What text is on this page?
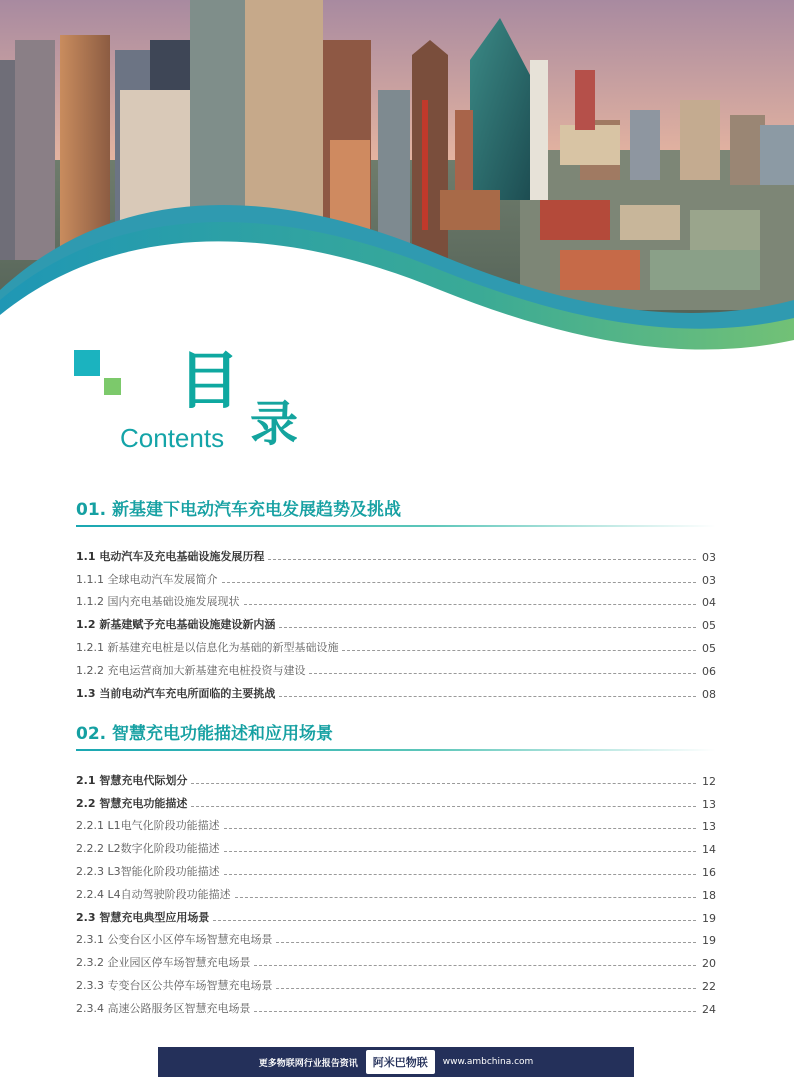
目
录
Contents
01. 新基建下电动汽车充电发展趋势及挑战
1.1 电动汽车及充电基础设施发展历程	03
1.1.1 全球电动汽车发展简介	03
1.1.2 国内充电基础设施发展现状	04
1.2 新基建赋予充电基础设施建设新内涵	05
1.2.1 新基建充电桩是以信息化为基础的新型基础设施	05
1.2.2 充电运营商加大新基建充电桩投资与建设	06
1.3 当前电动汽车充电所面临的主要挑战	08
02. 智慧充电功能描述和应用场景
2.1 智慧充电代际划分	12
2.2 智慧充电功能描述	13
2.2.1 L1电气化阶段功能描述	13
2.2.2 L2数字化阶段功能描述	14
2.2.3 L3智能化阶段功能描述	16
2.2.4 L4自动驾驶阶段功能描述	18
2.3 智慧充电典型应用场景	19
2.3.1 公变台区小区停车场智慧充电场景	19
2.3.2 企业园区停车场智慧充电场景	20
2.3.3 专变台区公共停车场智慧充电场景	22
2.3.4 高速公路服务区智慧充电场景	24
更多物联网行业报告资讯	阿米巴物联	www.ambchina.com
